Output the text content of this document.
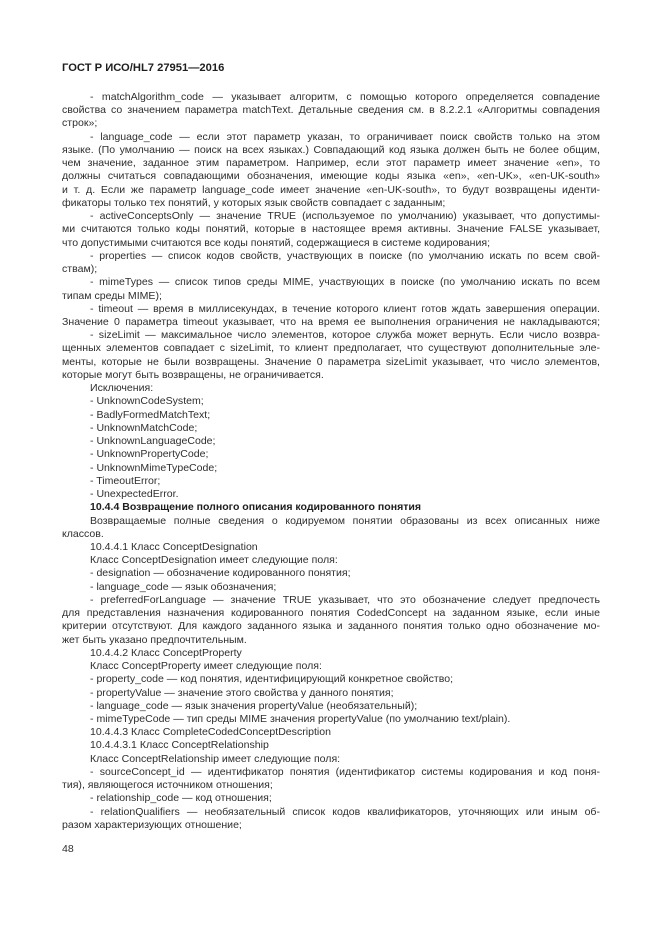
ГОСТ Р ИСО/HL7 27951—2016
- matchAlgorithm_code — указывает алгоритм, с помощью которого определяется совпадение
свойства со значением параметра matchText. Детальные сведения см. в 8.2.2.1 «Алгоритмы совпадения
строк»;
- language_code — если этот параметр указан, то ограничивает поиск свойств только на этом
языке. (По умолчанию — поиск на всех языках.) Совпадающий код языка должен быть не более общим,
чем значение, заданное этим параметром. Например, если этот параметр имеет значение «en», то
должны считаться совпадающими обозначения, имеющие коды языка «en», «en-UK», «en-UK-south»
и т. д. Если же параметр language_code имеет значение «en-UK-south», то будут возвращены иденти-
фикаторы только тех понятий, у которых язык свойств совпадает с заданным;
- activeConceptsOnly — значение TRUE (используемое по умолчанию) указывает, что допустимы-
ми считаются только коды понятий, которые в настоящее время активны. Значение FALSE указывает,
что допустимыми считаются все коды понятий, содержащиеся в системе кодирования;
- properties — список кодов свойств, участвующих в поиске (по умолчанию искать по всем свой-
ствам);
- mimeTypes — список типов среды MIME, участвующих в поиске (по умолчанию искать по всем
типам среды MIME);
- timeout — время в миллисекундах, в течение которого клиент готов ждать завершения операции.
Значение 0 параметра timeout указывает, что на время ее выполнения ограничения не накладываются;
- sizeLimit — максимальное число элементов, которое служба может вернуть. Если число возвра-
щенных элементов совпадает с sizeLimit, то клиент предполагает, что существуют дополнительные эле-
менты, которые не были возвращены. Значение 0 параметра sizeLimit указывает, что число элементов,
которые могут быть возвращены, не ограничивается.
Исключения:
- UnknownCodeSystem;
- BadlyFormedMatchText;
- UnknownMatchCode;
- UnknownLanguageCode;
- UnknownPropertyCode;
- UnknownMimeTypeCode;
- TimeoutError;
- UnexpectedError.
10.4.4 Возвращение полного описания кодированного понятия
Возвращаемые полные сведения о кодируемом понятии образованы из всех описанных ниже
классов.
10.4.4.1 Класс ConceptDesignation
Класс ConceptDesignation имеет следующие поля:
- designation — обозначение кодированного понятия;
- language_code — язык обозначения;
- preferredForLanguage — значение TRUE указывает, что это обозначение следует предпочесть
для представления назначения кодированного понятия CodedConcept на заданном языке, если иные
критерии отсутствуют. Для каждого заданного языка и заданного понятия только одно обозначение мо-
жет быть указано предпочтительным.
10.4.4.2 Класс ConceptProperty
Класс ConceptProperty имеет следующие поля:
- property_code — код понятия, идентифицирующий конкретное свойство;
- propertyValue — значение этого свойства у данного понятия;
- language_code — язык значения propertyValue (необязательный);
- mimeTypeCode — тип среды MIME значения propertyValue (по умолчанию text/plain).
10.4.4.3 Класс CompleteCodedConceptDescription
10.4.4.3.1 Класс ConceptRelationship
Класс ConceptRelationship имеет следующие поля:
- sourceConcept_id — идентификатор понятия (идентификатор системы кодирования и код поня-
тия), являющегося источником отношения;
- relationship_code — код отношения;
- relationQualifiers — необязательный список кодов квалификаторов, уточняющих или иным об-
разом характеризующих отношение;
48
